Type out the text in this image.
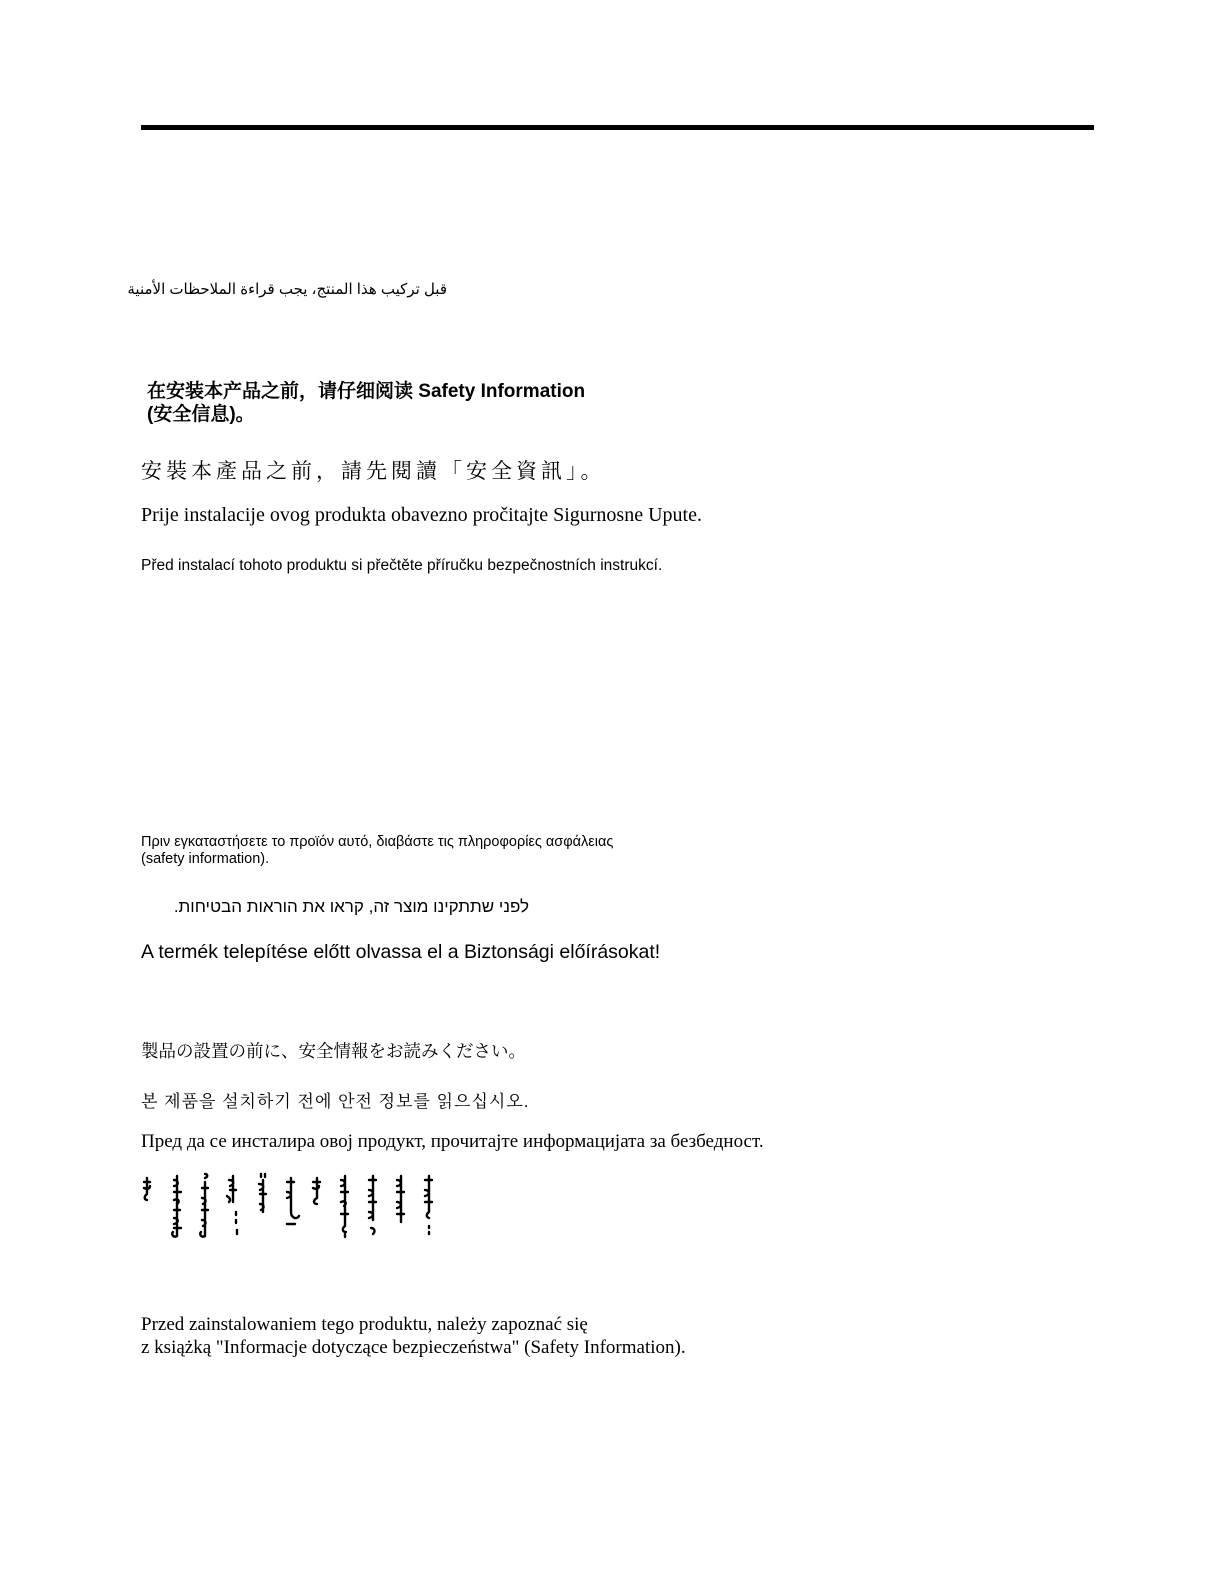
قبل تركيب هذا المنتج، يجب قراءة الملاحظات الأمنية

在安装本产品之前，请仔细阅读 Safety Information
(安全信息)。

安裝本產品之前，請先閱讀「安全資訊」。

Prije instalacije ovog produkta obavezno pročitajte Sigurnosne Upute.

Před instalací tohoto produktu si přečtěte příručku bezpečnostních instrukcí.

Πριν εγκαταστήσετε το προϊόν αυτό, διαβάστε τις πληροφορίες ασφάλειας
(safety information).

לפני שתתקינו מוצר זה, קראו את הוראות הבטיחות.

A termék telepítése előtt olvassa el a Biztonsági előírásokat!

製品の設置の前に、安全情報をお読みください。

본 제품을 설치하기 전에 안전 정보를 읽으십시오.

Пред да се инсталира овој продукт, прочитајте информацијата за безбедност.

Przed zainstalowaniem tego produktu, należy zapoznać się
z książką "Informacje dotyczące bezpieczeństwa" (Safety Information).
